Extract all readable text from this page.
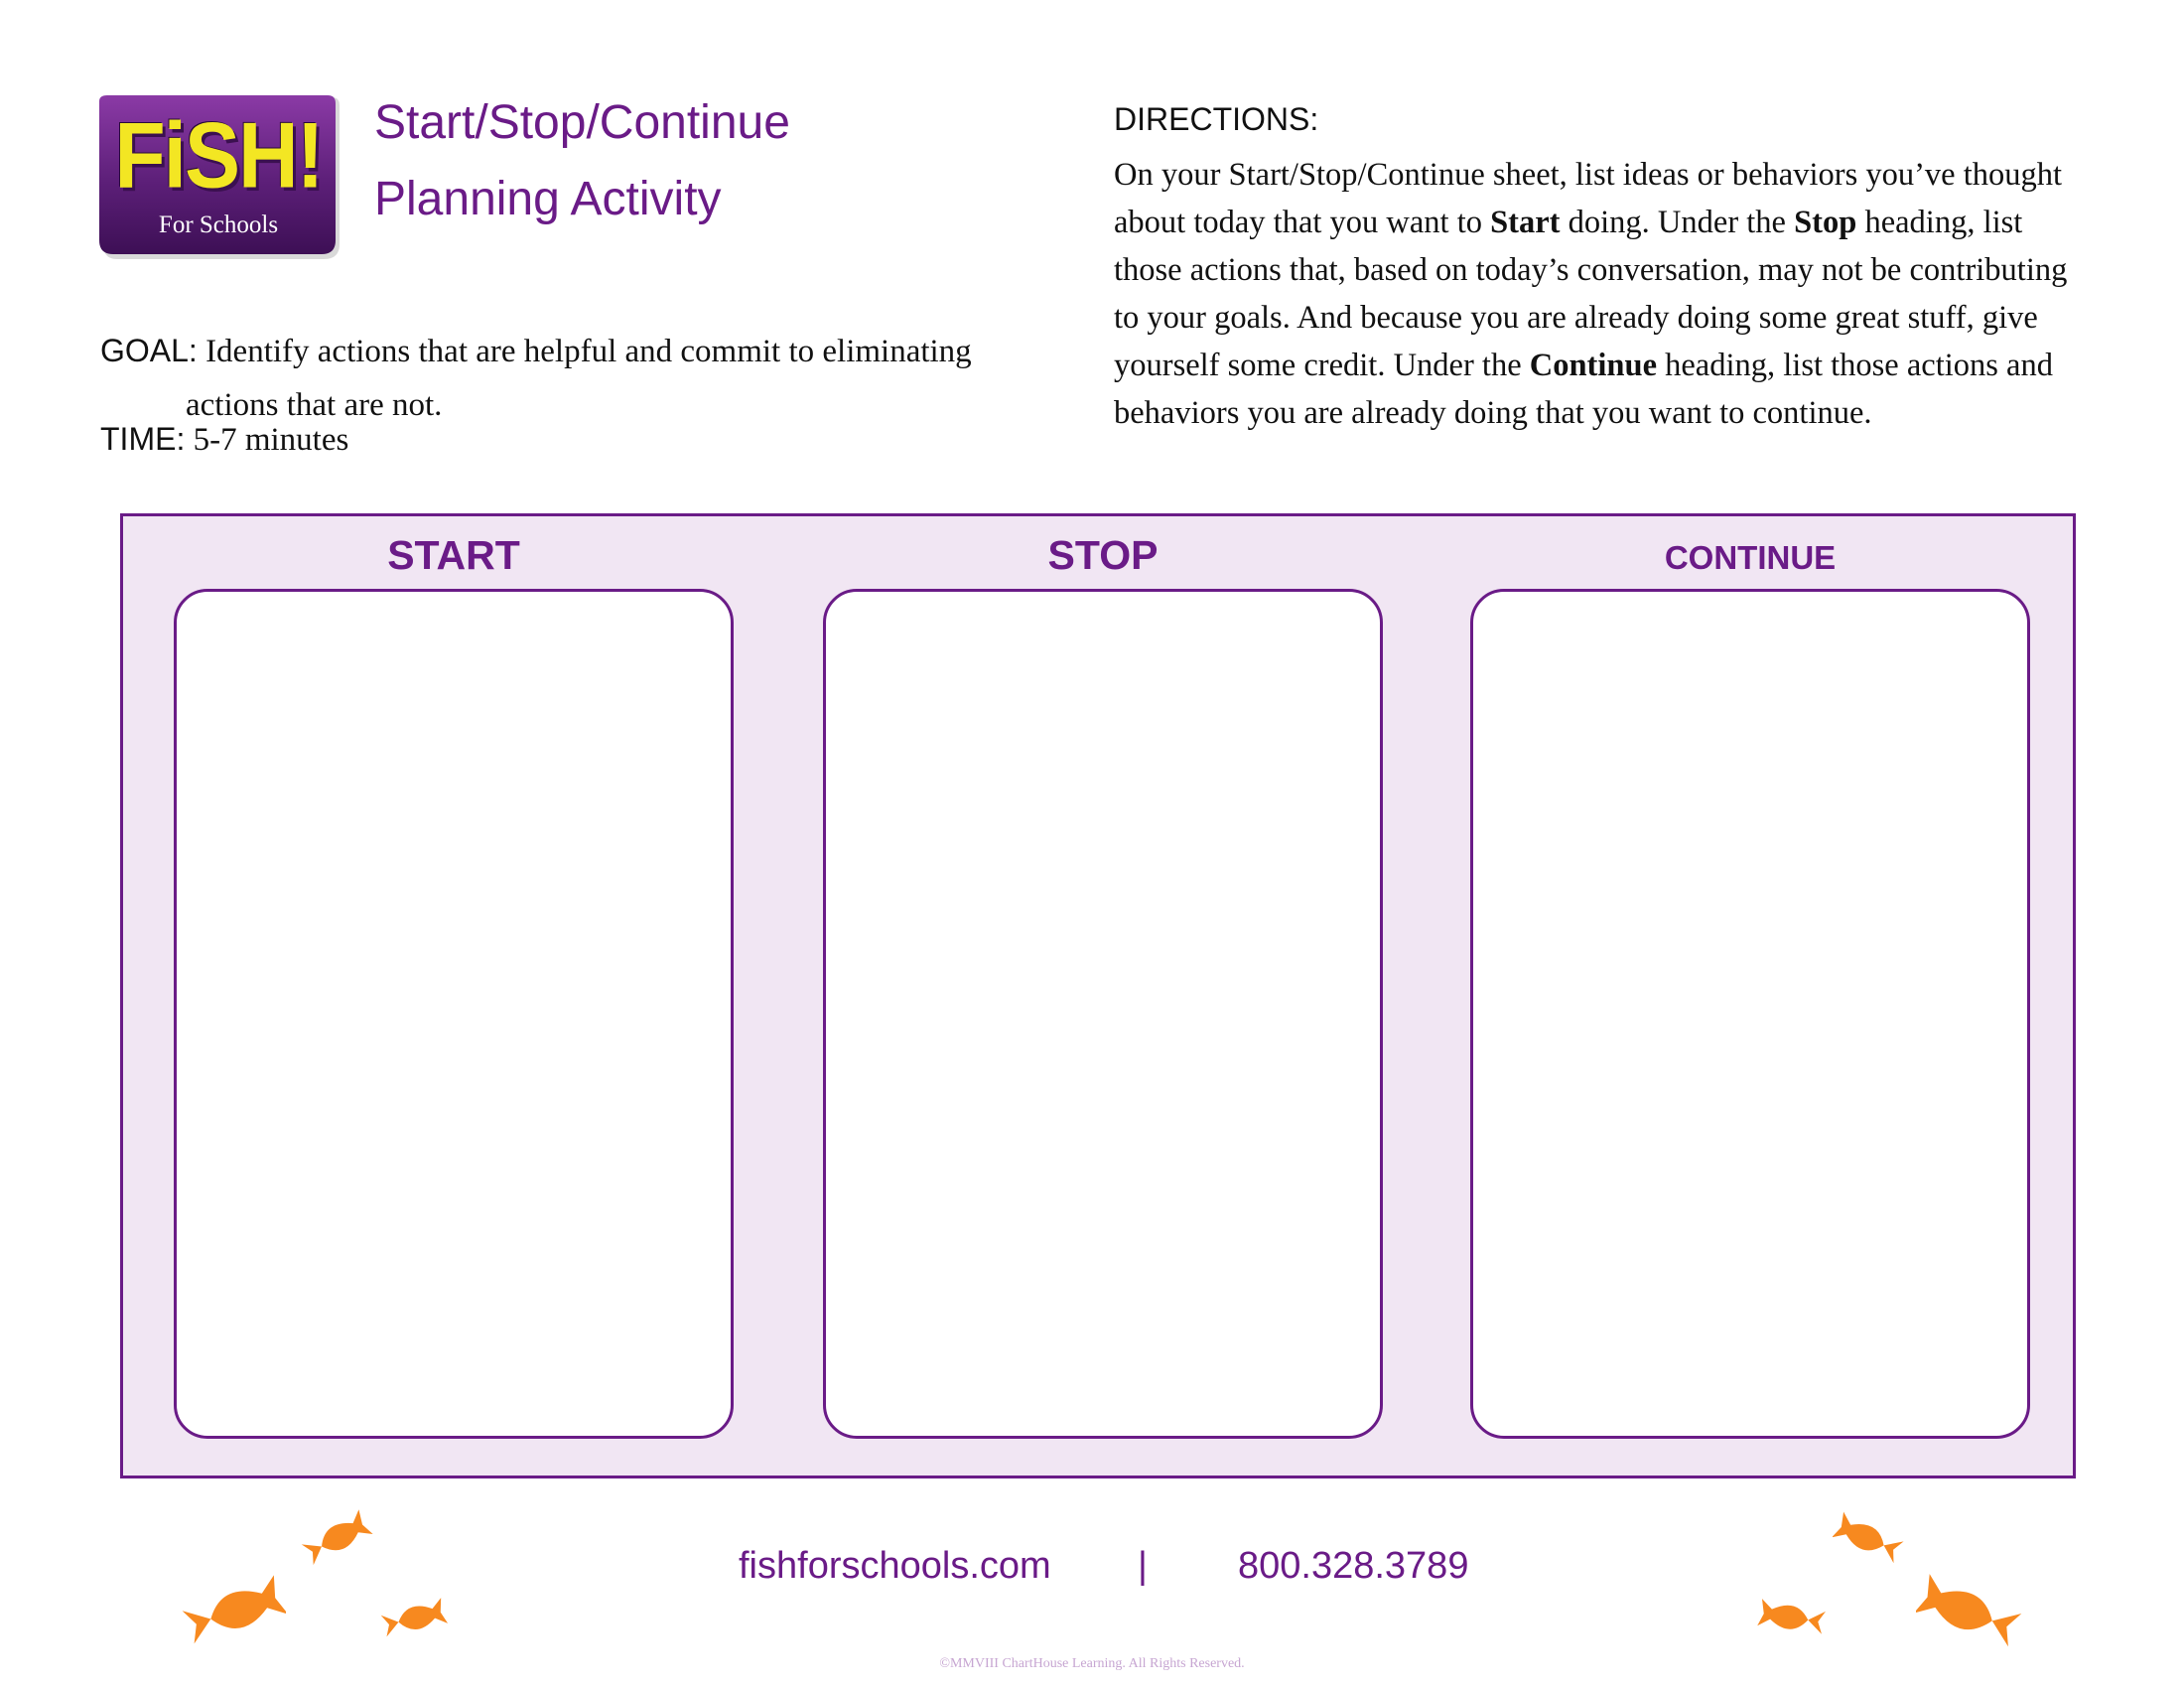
FiSH!
For Schools
Start/Stop/Continue
Planning Activity
GOAL: Identify actions that are helpful and commit to eliminating
actions that are not.
TIME: 5-7 minutes
DIRECTIONS:
On your Start/Stop/Continue sheet, list ideas or behaviors you’ve thought about today that you want to Start doing. Under the Stop heading, list those actions that, based on today’s conversation, may not be contributing to your goals. And because you are already doing some great stuff, give yourself some credit. Under the Continue heading, list those actions and behaviors you are already doing that you want to continue.
START	STOP	CONTINUE
fishforschools.com | 800.328.3789
©MMVIII ChartHouse Learning. All Rights Reserved.
